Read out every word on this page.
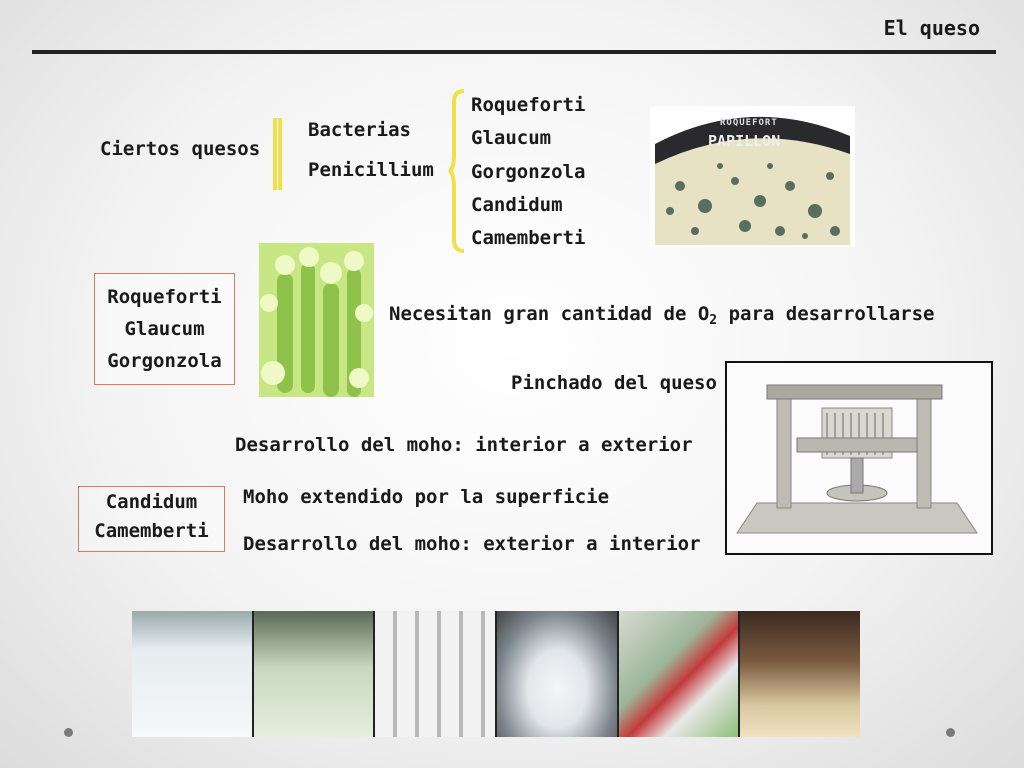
El queso
Ciertos quesos
Bacterias
Penicillium
Roqueforti
Glaucum
Gorgonzola
Candidum
Camemberti
ROQUEFORT
PAPILLON
Roqueforti
Glaucum
Gorgonzola
Necesitan gran cantidad de $O_2$ para desarrollarse
Pinchado del queso
Desarrollo del moho: interior a exterior
Candidum
Camemberti
Moho extendido por la superficie
Desarrollo del moho: exterior a interior
